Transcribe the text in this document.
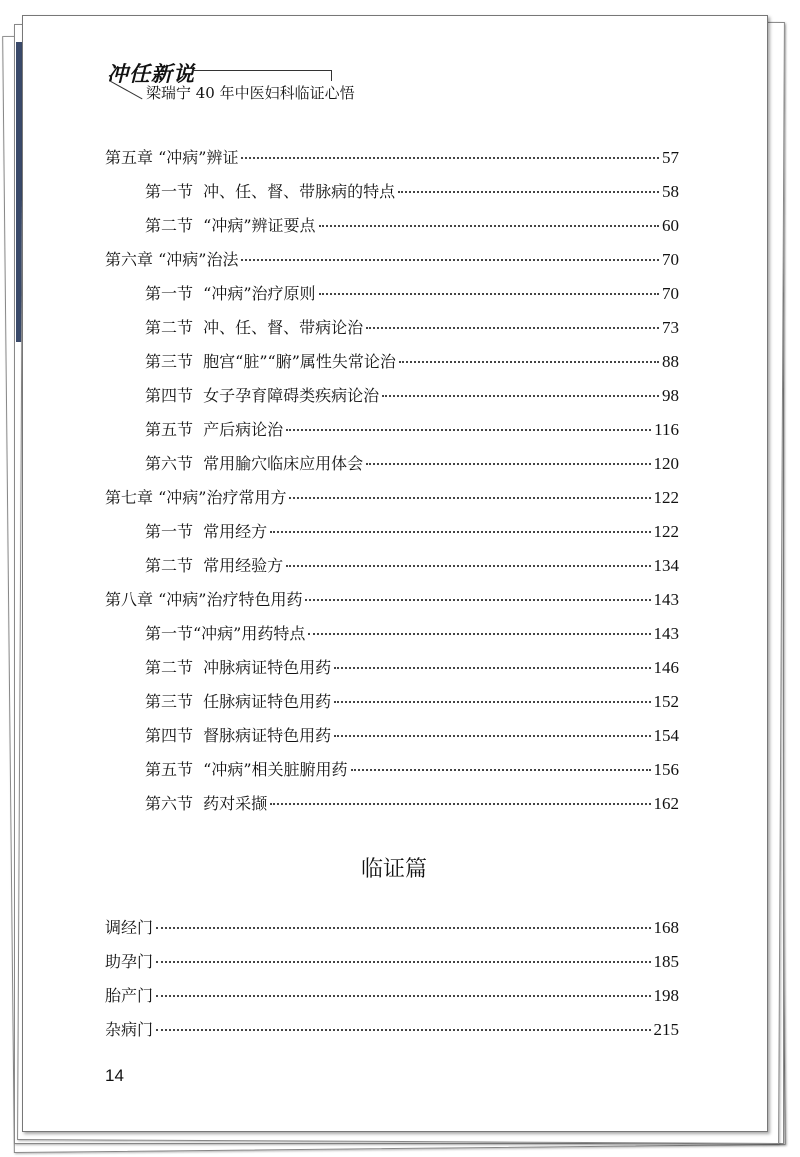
冲任新说
梁瑞宁 40 年中医妇科临证心悟
第五章 “冲病”辨证	57
第一节  冲、任、督、带脉病的特点	58
第二节  “冲病”辨证要点	60
第六章 “冲病”治法	70
第一节  “冲病”治疗原则	70
第二节  冲、任、督、带病论治	73
第三节  胞宫“脏”“腑”属性失常论治	88
第四节  女子孕育障碍类疾病论治	98
第五节  产后病论治	116
第六节  常用腧穴临床应用体会	120
第七章 “冲病”治疗常用方	122
第一节  常用经方	122
第二节  常用经验方	134
第八章 “冲病”治疗特色用药	143
第一节“冲病”用药特点	143
第二节  冲脉病证特色用药	146
第三节  任脉病证特色用药	152
第四节  督脉病证特色用药	154
第五节  “冲病”相关脏腑用药	156
第六节  药对采撷	162
临证篇
调经门	168
助孕门	185
胎产门	198
杂病门	215
14
